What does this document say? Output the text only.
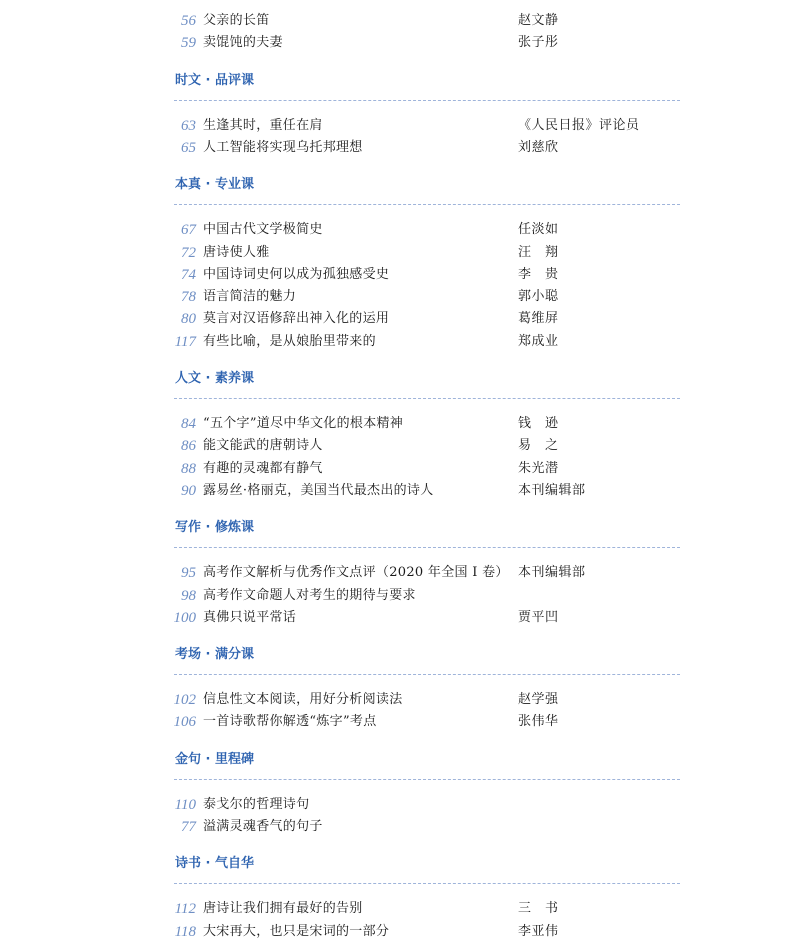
56 父亲的长笛	赵文静
59 卖馄饨的夫妻	张子彤
时文 · 品评课
63 生逢其时，重任在肩	《人民日报》评论员
65 人工智能将实现乌托邦理想	刘慈欣
本真 · 专业课
67 中国古代文学极简史	任淡如
72 唐诗使人雅	汪　翔
74 中国诗词史何以成为孤独感受史	李　贵
78 语言简洁的魅力	郭小聪
80 莫言对汉语修辞出神入化的运用	葛维屏
117 有些比喻，是从娘胎里带来的	郑成业
人文 · 素养课
84 “五个字”道尽中华文化的根本精神	钱　逊
86 能文能武的唐朝诗人	易　之
88 有趣的灵魂都有静气	朱光潜
90 露易丝·格丽克，美国当代最杰出的诗人	本刊编辑部
写作 · 修炼课
95 高考作文解析与优秀作文点评（2020 年全国 Ⅰ 卷） 本刊编辑部
98 高考作文命题人对考生的期待与要求
100 真佛只说平常话	贾平凹
考场 · 满分课
102 信息性文本阅读，用好分析阅读法	赵学强
106 一首诗歌帮你解透“炼字”考点	张伟华
金句 · 里程碑
110 泰戈尔的哲理诗句
77 溢满灵魂香气的句子
诗书 · 气自华
112 唐诗让我们拥有最好的告别	三　书
118 大宋再大，也只是宋词的一部分	李亚伟
